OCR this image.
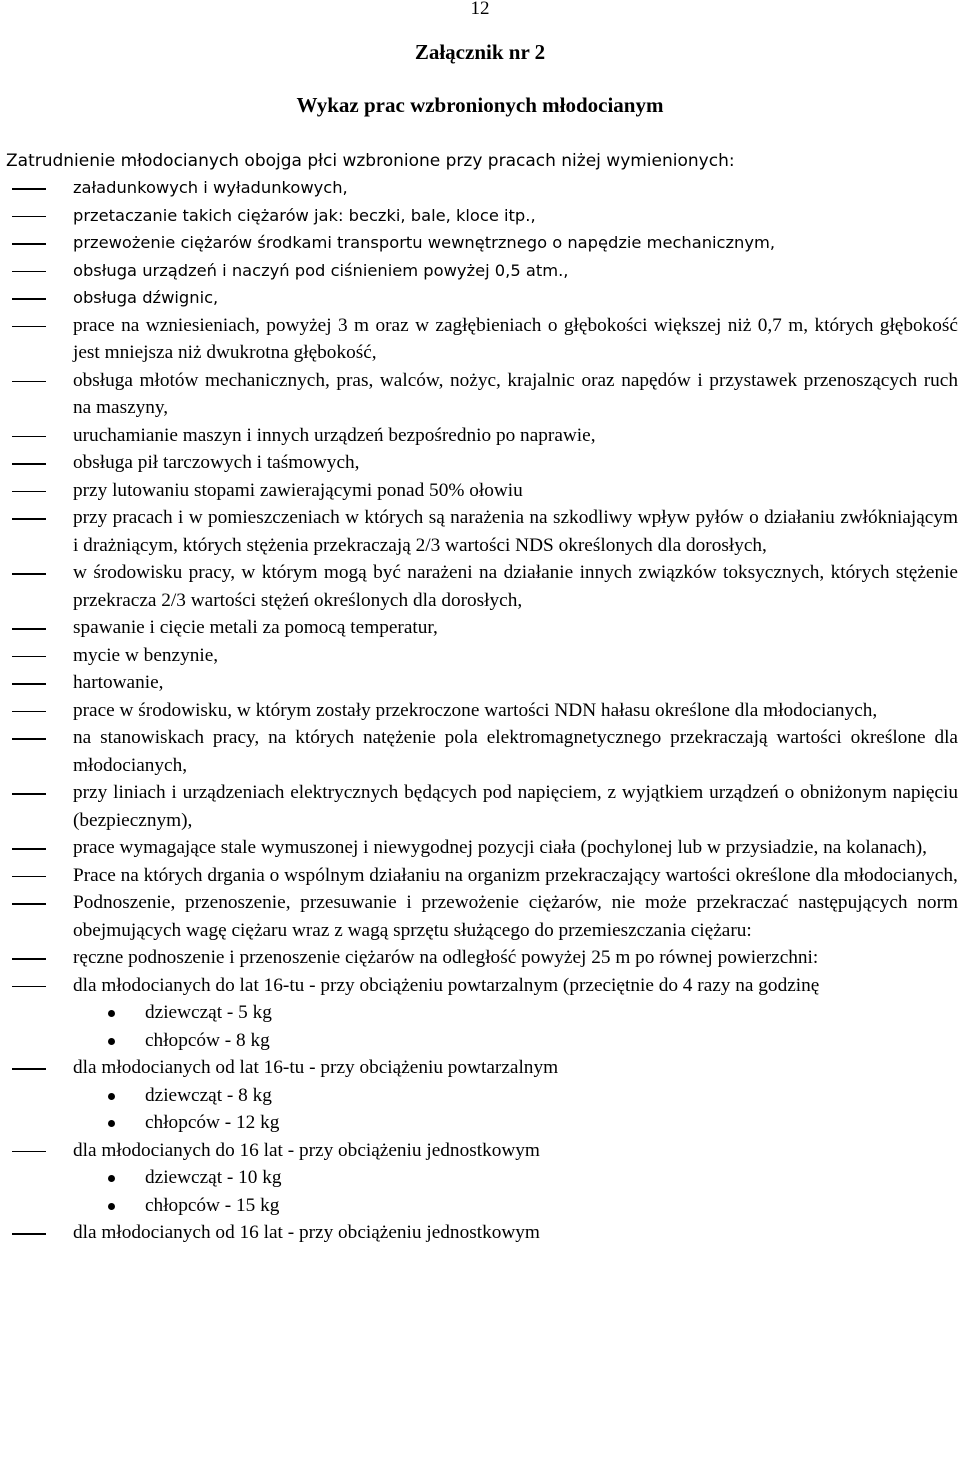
12
Załącznik nr 2
Wykaz prac wzbronionych młodocianym
Zatrudnienie młodocianych obojga płci wzbronione przy pracach niżej wymienionych:
załadunkowych i wyładunkowych,
przetaczanie takich ciężarów jak: beczki, bale, kloce itp.,
przewożenie ciężarów środkami transportu wewnętrznego o napędzie mechanicznym,
obsługa urządzeń i naczyń pod ciśnieniem powyżej 0,5 atm.,
obsługa dźwignic,
prace na wzniesieniach, powyżej 3 m oraz w zagłębieniach o głębokości większej niż 0,7 m, których głębokość jest mniejsza niż dwukrotna głębokość,
obsługa młotów mechanicznych, pras, walców, nożyc, krajalnic oraz napędów i przystawek przenoszących ruch na maszyny,
uruchamianie maszyn i innych urządzeń bezpośrednio po naprawie,
obsługa pił tarczowych i taśmowych,
przy lutowaniu stopami zawierającymi ponad 50% ołowiu
przy pracach i w pomieszczeniach w których są narażenia na szkodliwy wpływ pyłów o działaniu zwłókniającym i drażniącym, których stężenia przekraczają 2/3 wartości NDS określonych dla dorosłych,
w środowisku pracy, w którym mogą być narażeni na działanie innych związków toksycznych, których stężenie przekracza 2/3 wartości stężeń określonych dla dorosłych,
spawanie i cięcie metali za pomocą temperatur,
mycie w benzynie,
hartowanie,
prace w środowisku, w którym zostały przekroczone wartości NDN hałasu określone dla młodocianych,
na stanowiskach pracy, na których natężenie pola elektromagnetycznego przekraczają wartości określone dla młodocianych,
przy liniach i urządzeniach elektrycznych będących pod napięciem, z wyjątkiem urządzeń o obniżonym napięciu (bezpiecznym),
prace wymagające stale wymuszonej i niewygodnej pozycji ciała (pochylonej lub w przysiadzie, na kolanach),
Prace na których drgania o wspólnym działaniu na organizm przekraczający wartości określone dla młodocianych,
Podnoszenie, przenoszenie, przesuwanie i przewożenie ciężarów, nie może przekraczać następujących norm obejmujących wagę ciężaru wraz z wagą sprzętu służącego do przemieszczania ciężaru:
ręczne podnoszenie i przenoszenie ciężarów na odległość powyżej 25 m po równej powierzchni:
dla młodocianych do lat 16-tu - przy obciążeniu powtarzalnym (przeciętnie do 4 razy na godzinę
dziewcząt - 5 kg
chłopców - 8 kg
dla młodocianych od lat 16-tu - przy obciążeniu powtarzalnym
dziewcząt - 8 kg
chłopców - 12 kg
dla młodocianych do 16 lat - przy obciążeniu jednostkowym
dziewcząt - 10 kg
chłopców - 15 kg
dla młodocianych od 16 lat - przy obciążeniu jednostkowym
